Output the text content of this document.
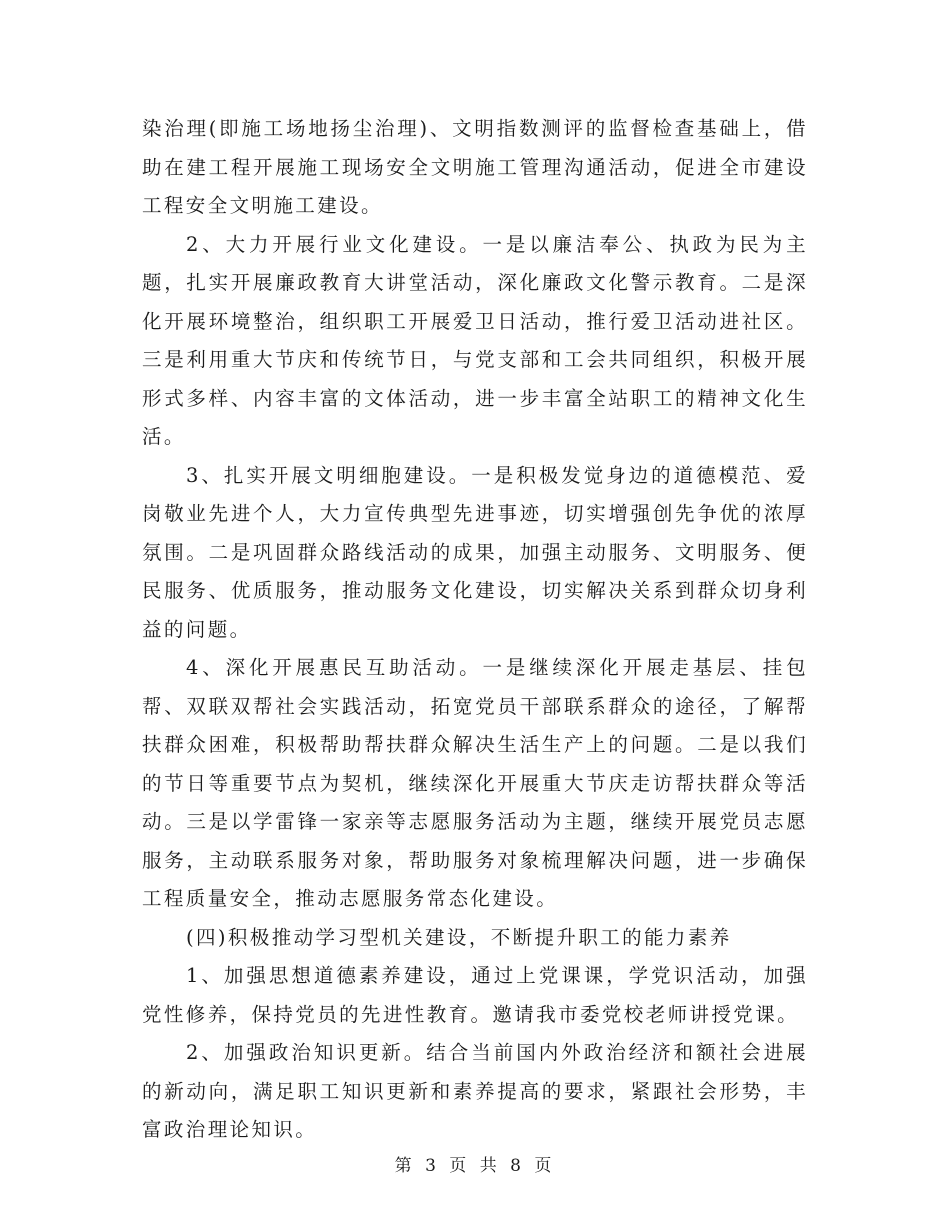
染治理(即施工场地扬尘治理)、文明指数测评的监督检查基础上，借助在建工程开展施工现场安全文明施工管理沟通活动，促进全市建设工程安全文明施工建设。

2、大力开展行业文化建设。一是以廉洁奉公、执政为民为主题，扎实开展廉政教育大讲堂活动，深化廉政文化警示教育。二是深化开展环境整治，组织职工开展爱卫日活动，推行爱卫活动进社区。三是利用重大节庆和传统节日，与党支部和工会共同组织，积极开展形式多样、内容丰富的文体活动，进一步丰富全站职工的精神文化生活。

3、扎实开展文明细胞建设。一是积极发觉身边的道德模范、爱岗敬业先进个人，大力宣传典型先进事迹，切实增强创先争优的浓厚氛围。二是巩固群众路线活动的成果，加强主动服务、文明服务、便民服务、优质服务，推动服务文化建设，切实解决关系到群众切身利益的问题。

4、深化开展惠民互助活动。一是继续深化开展走基层、挂包帮、双联双帮社会实践活动，拓宽党员干部联系群众的途径，了解帮扶群众困难，积极帮助帮扶群众解决生活生产上的问题。二是以我们的节日等重要节点为契机，继续深化开展重大节庆走访帮扶群众等活动。三是以学雷锋一家亲等志愿服务活动为主题，继续开展党员志愿服务，主动联系服务对象，帮助服务对象梳理解决问题，进一步确保工程质量安全，推动志愿服务常态化建设。

(四)积极推动学习型机关建设，不断提升职工的能力素养

1、加强思想道德素养建设，通过上党课课，学党识活动，加强党性修养，保持党员的先进性教育。邀请我市委党校老师讲授党课。

2、加强政治知识更新。结合当前国内外政治经济和额社会进展的新动向，满足职工知识更新和素养提高的要求，紧跟社会形势，丰富政治理论知识。

第 3 页 共 8 页
